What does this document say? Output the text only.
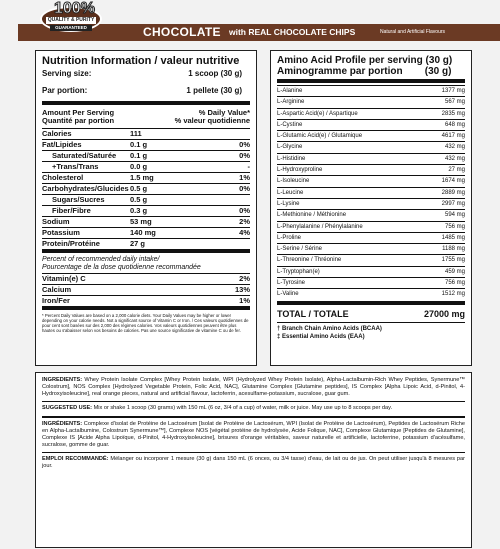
100%
QUALITY & PURITY
GUARANTEED	CHOCOLATE with REAL CHOCOLATE CHIPS	Natural and Artificial Flavours
Nutrition Information / valeur nutritive
Serving size:	1 scoop (30 g)
Par portion:	1 pellete (30 g)
Amount Per Serving
Quantité par portion
% Daily Value*
% valeur quotidienne
Calories	111
Fat/Lipides	0.1 g	0%
Saturated/Saturée	0.1 g	0%
+Trans/Trans	0.0 g	-
Cholesterol	1.5 mg	1%
Carbohydrates/Glucides 0.5 g	0%
Sugars/Sucres	0.5 g
Fiber/Fibre	0.3 g	0%
Sodium	53 mg	2%
Potassium	140 mg	4%
Protein/Protéine	27 g
Percent of recommended daily intake/
Pourcentage de la dose quotidienne recommandée
Vitamin(e) C	2%
Calcium	13%
Iron/Fer	1%
* Percent Daily Values are based on a 2,000 calorie diets. Your Daily Values may be higher or lower depending on your calorie needs. Not a significant source of Vitamin C or Iron. / Ces valeurs quotidiennes de pour cent sont basées sur des 2,000 des régimes calories. Vos valeurs quotidiennes peuvent être plus hautes ou s'abaisser selon vos besoins de calories. Pas une source significative de vitamine C ou de fer.
Amino Acid Profile per serving (30 g)
Aminogramme par portion        (30 g)
L-Alanine	1377 mg
L-Arginine	567 mg
L-Aspartic Acid(e) / Aspartique	2835 mg
L-Cystine	648 mg
L-Glutamic Acid(e) / Glutamique	4617 mg
L-Glycine	432 mg
L-Histidine	432 mg
L-Hydroxyproline	27 mg
L-Isoleucine	1674 mg
L-Leucine	2889 mg
L-Lysine	2997 mg
L-Methionine / Méthionine	594 mg
L-Phenylalanine / Phénylalanine	756 mg
L-Proline	1485 mg
L-Serine / Sérine	1188 mg
L-Threonine / Thréonine	1755 mg
L-Tryptophan(e)	459 mg
L-Tyrosine	756 mg
L-Valine	1512 mg
TOTAL / TOTALE	27000 mg
† Branch Chain Amino Acids (BCAA)
‡ Essential Amino Acids (EAA)

INGREDIENTS: Whey Protein Isolate Complex [Whey Protein Isolate, WPI (Hydrolyzed Whey Protein Isolate), Alpha-Lactalbumin-Rich Whey Peptides, Synermune™ Colostrum], NOS Complex [Hydrolyzed Vegetable Protein, Folic Acid, NAC], Glutamine Complex [Glutamine peptides], IS Complex [Alpha Lipoic Acid, d-Pinitol, 4-Hydroxyisoleucine], real orange pieces, natural and artificial flavour, lactoferrin, acesulfame-potassium, sucralose, guar gum.

SUGGESTED USE: Mix or shake 1 scoop (30 grams) with 150 mL (6 oz, 3/4 of a cup) of water, milk or juice. May use up to 8 scoops per day.

INGRÉDIENTS: Complexe d'isolat de Protéine de Lactosérum [Isolat de Protéine de Lactosérum, WPI (Isolat de Protéine de Lactosérum), Peptides de Lactosérum Riche en Alpha-Lactalbumine, Colostrum Synermune™], Complexe NOS [végétal protéine de hydrolysée, Acide Folique, NAC], Complexe Glutamique [Peptides de Glutamine], Complexe IS [Acide Alpha Lipoïque, d-Pinitol, 4-Hydroxyisoleucine], brisures d'orange véritables, saveur naturelle et artificielle, lactoferrine, potassium d'acésulfame, sucralose, gomme de guar.

EMPLOI RECOMMANDÉ: Mélanger ou incorporer 1 mesure (30 g) dans 150 mL (6 onces, ou 3/4 tasse) d'eau, de lait ou de jus. On peut utiliser jusqu'à 8 mesures par jour.
